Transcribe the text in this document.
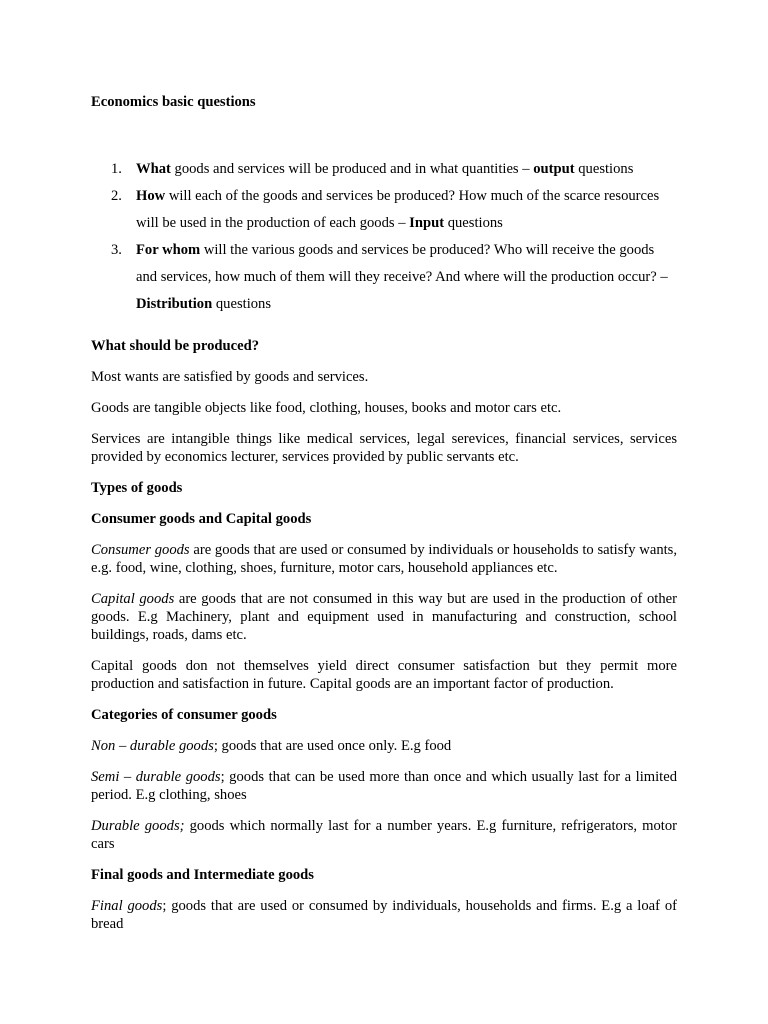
Economics basic questions

1. What goods and services will be produced and in what quantities – output questions
2. How will each of the goods and services be produced? How much of the scarce resources will be used in the production of each goods – Input questions
3. For whom will the various goods and services be produced? Who will receive the goods and services, how much of them will they receive? And where will the production occur? – Distribution questions

What should be produced?

Most wants are satisfied by goods and services.

Goods are tangible objects like food, clothing, houses, books and motor cars etc.

Services are intangible things like medical services, legal serevices, financial services, services provided by economics lecturer, services provided by public servants etc.

Types of goods

Consumer goods and Capital goods

Consumer goods are goods that are used or consumed by individuals or households to satisfy wants, e.g. food, wine, clothing, shoes, furniture, motor cars, household appliances etc.

Capital goods are goods that are not consumed in this way but are used in the production of other goods. E.g Machinery, plant and equipment used in manufacturing and construction, school buildings, roads, dams etc.

Capital goods don not themselves yield direct consumer satisfaction but they permit more production and satisfaction in future. Capital goods are an important factor of production.

Categories of consumer goods

Non – durable goods; goods that are used once only. E.g food

Semi – durable goods; goods that can be used more than once and which usually last for a limited period. E.g clothing, shoes

Durable goods; goods which normally last for a number years. E.g furniture, refrigerators, motor cars

Final goods and Intermediate goods

Final goods; goods that are used or consumed by individuals, households and firms. E.g a loaf of bread
